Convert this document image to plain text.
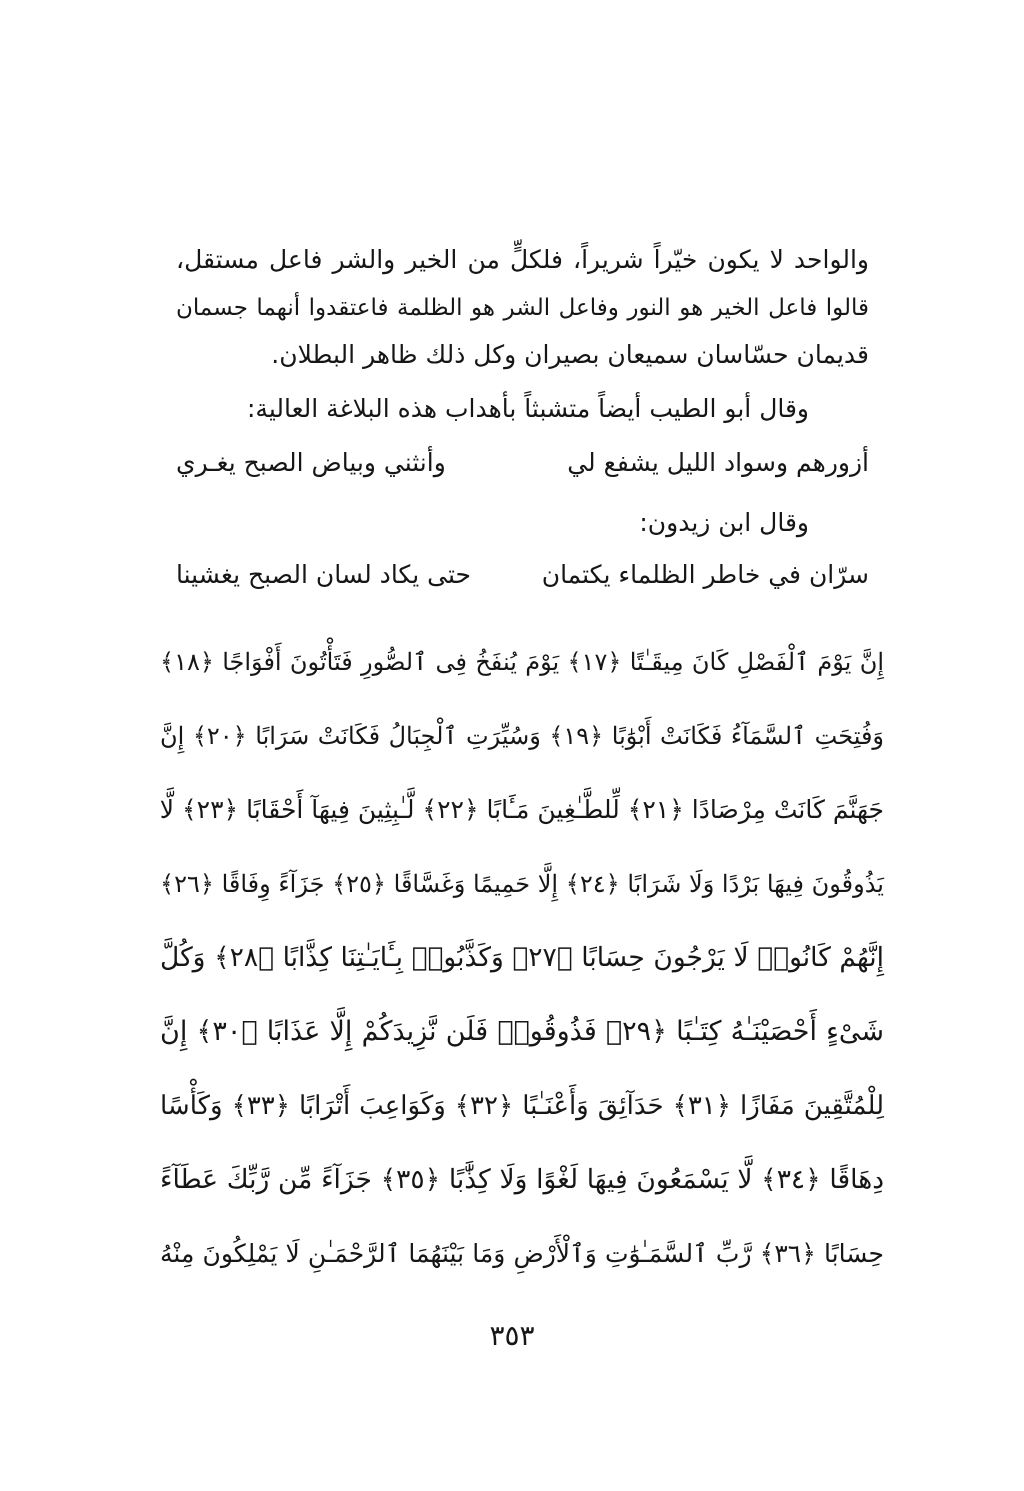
والواحد لا يكون خيّراً شريراً، فلكلٍّ من الخير والشر فاعل مستقل،
قالوا فاعل الخير هو النور وفاعل الشر هو الظلمة فاعتقدوا أنهما جسمان
قديمان حسّاسان سميعان بصيران وكل ذلك ظاهر البطلان.
وقال أبو الطيب أيضاً متشبثاً بأهداب هذه البلاغة العالية:
أزورهم وسواد الليل يشفع لي
وأنثني وبياض الصبح يغـري
وقال ابن زيدون:
سرّان في خاطر الظلماء يكتمان
حتى يكاد لسان الصبح يغشينا
إِنَّ يَوْمَ ٱلْفَصْلِ كَانَ مِيقَـٰتًا ﴿١٧﴾ يَوْمَ يُنفَخُ فِى ٱلصُّورِ فَتَأْتُونَ أَفْوَاجًا ﴿١٨﴾
وَفُتِحَتِ ٱلسَّمَآءُ فَكَانَتْ أَبْوَٰبًا ﴿١٩﴾ وَسُيِّرَتِ ٱلْجِبَالُ فَكَانَتْ سَرَابًا ﴿٢٠﴾ إِنَّ
جَهَنَّمَ كَانَتْ مِرْصَادًا ﴿٢١﴾ لِّلطَّـٰغِينَ مَـَٔابًا ﴿٢٢﴾ لَّـٰبِثِينَ فِيهَآ أَحْقَابًا ﴿٢٣﴾ لَّا
يَذُوقُونَ فِيهَا بَرْدًا وَلَا شَرَابًا ﴿٢٤﴾ إِلَّا حَمِيمًا وَغَسَّاقًا ﴿٢٥﴾ جَزَآءً وِفَاقًا ﴿٢٦﴾
إِنَّهُمْ كَانُوا۟ لَا يَرْجُونَ حِسَابًا ﴿٢٧﴾ وَكَذَّبُوا۟ بِـَٔايَـٰتِنَا كِذَّابًا ﴿٢٨﴾ وَكُلَّ
شَىْءٍ أَحْصَيْنَـٰهُ كِتَـٰبًا ﴿٢٩﴾ فَذُوقُوا۟ فَلَن نَّزِيدَكُمْ إِلَّا عَذَابًا ﴿٣٠﴾ إِنَّ
لِلْمُتَّقِينَ مَفَازًا ﴿٣١﴾ حَدَآئِقَ وَأَعْنَـٰبًا ﴿٣٢﴾ وَكَوَاعِبَ أَتْرَابًا ﴿٣٣﴾ وَكَأْسًا
دِهَاقًا ﴿٣٤﴾ لَّا يَسْمَعُونَ فِيهَا لَغْوًا وَلَا كِذَّٰبًا ﴿٣٥﴾ جَزَآءً مِّن رَّبِّكَ عَطَآءً
حِسَابًا ﴿٣٦﴾ رَّبِّ ٱلسَّمَـٰوَٰتِ وَٱلْأَرْضِ وَمَا بَيْنَهُمَا ٱلرَّحْمَـٰنِ لَا يَمْلِكُونَ مِنْهُ
٣٥٣
